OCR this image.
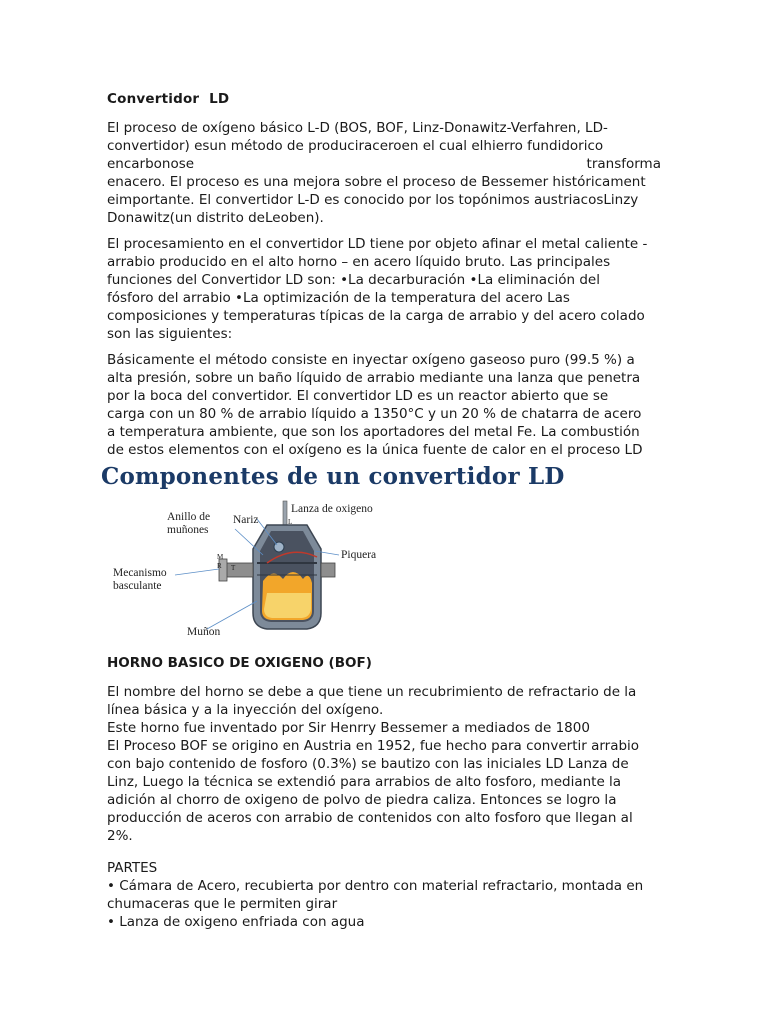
Convertidor  LD
El proceso de oxígeno básico L-D (BOS, BOF, Linz-Donawitz-Verfahren, LD-
convertidor) esun método de produciraceroen el cual elhierro fundidorico
encarbonose	transforma
enacero. El proceso es una mejora sobre el proceso de Bessemer históricament
eimportante. El convertidor L-D es conocido por los topónimos austriacosLinzy
Donawitz(un distrito deLeoben).
El procesamiento en el convertidor LD tiene por objeto afinar el metal caliente -
arrabio producido en el alto horno – en acero líquido bruto. Las principales
funciones del Convertidor LD son: •La decarburación •La eliminación del
fósforo del arrabio •La optimización de la temperatura del acero Las
composiciones y temperaturas típicas de la carga de arrabio y del acero colado
son las siguientes:
Básicamente el método consiste en inyectar oxígeno gaseoso puro (99.5 %) a
alta presión, sobre un baño líquido de arrabio mediante una lanza que penetra
por la boca del convertidor. El convertidor LD es un reactor abierto que se
carga con un 80 % de arrabio líquido a 1350°C y un 20 % de chatarra de acero
a temperatura ambiente, que son los aportadores del metal Fe. La combustión
de estos elementos con el oxígeno es la única fuente de calor en el proceso LD
Componentes de un convertidor LD
Anillo de
muñones
Nariz
Lanza de oxigeno
Piquera
Mecanismo
basculante
Muñon
L
M
R T
HORNO BASICO DE OXIGENO (BOF)
El nombre del horno se debe a que tiene un recubrimiento de refractario de la
línea básica y a la inyección del oxígeno.
Este horno fue inventado por Sir Henrry Bessemer a mediados de 1800
El Proceso BOF se origino en Austria en 1952, fue hecho para convertir arrabio
con bajo contenido de fosforo (0.3%) se bautizo con las iniciales LD Lanza de
Linz, Luego la técnica se extendió para arrabios de alto fosforo, mediante la
adición al chorro de oxigeno de polvo de piedra caliza. Entonces se logro la
producción de aceros con arrabio de contenidos con alto fosforo que llegan al
2%.
PARTES
• Cámara de Acero, recubierta por dentro con material refractario, montada en
chumaceras que le permiten girar
• Lanza de oxigeno enfriada con agua
